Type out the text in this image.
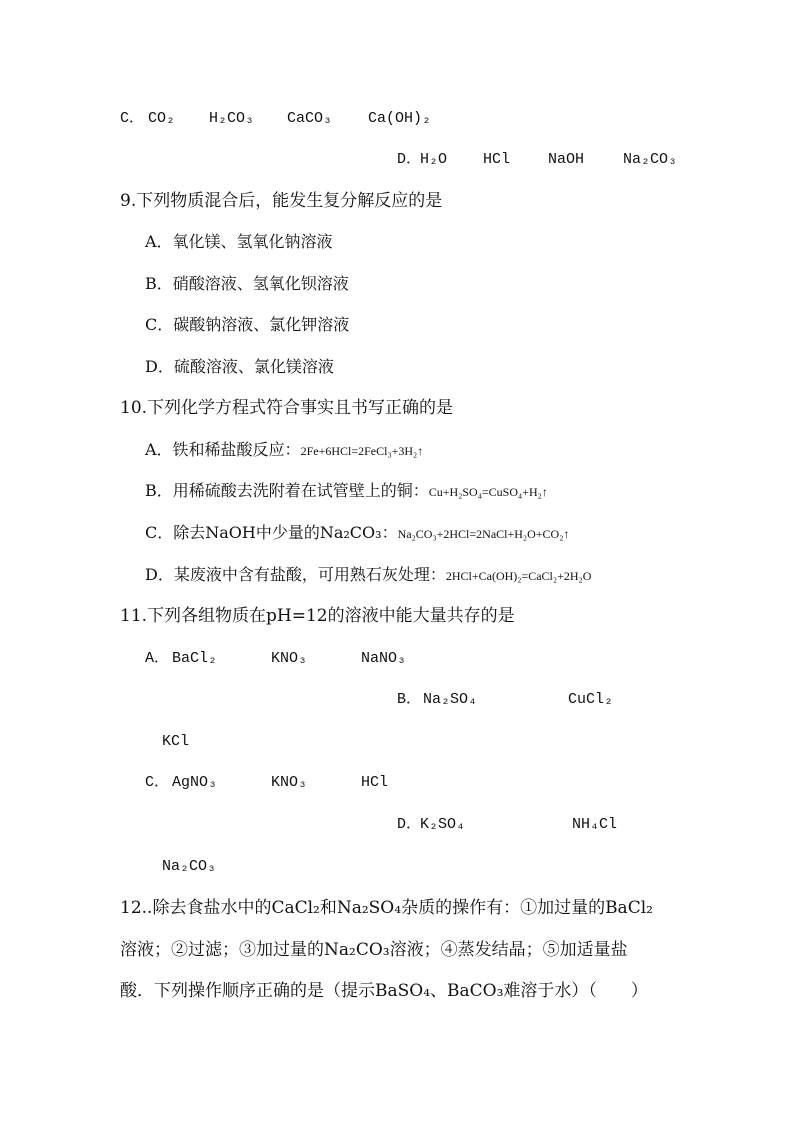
C． CO₂ H₂CO₃ CaCO₃ Ca(OH)₂
D．
H₂O HCl	NaOH	Na₂CO₃
9.下列物质混合后，能发生复分解反应的是
A．氧化镁、氢氧化钠溶液
B．硝酸溶液、氢氧化钡溶液
C．碳酸钠溶液、氯化钾溶液
D．硫酸溶液、氯化镁溶液
10.下列化学方程式符合事实且书写正确的是
A．铁和稀盐酸反应：2Fe+6HCl=2FeCl₃+3H₂↑
B．用稀硫酸去洗附着在试管壁上的铜：Cu+H₂SO₄=CuSO₄+H₂↑
C．除去NaOH中少量的Na₂CO₃：Na₂CO₃+2HCl=2NaCl+H₂O+CO₂↑
D．某废液中含有盐酸，可用熟石灰处理：2HCl+Ca(OH)₂=CaCl₂+2H₂O
11.下列各组物质在pH=12的溶液中能大量共存的是
A． BaCl₂	KNO₃	NaNO₃
B． Na₂SO₄	CuCl₂
KCl
C． AgNO₃	KNO₃	HCl
D．
K₂SO₄	NH₄Cl
Na₂CO₃
12..除去食盐水中的CaCl₂和Na₂SO₄杂质的操作有：①加过量的BaCl₂
溶液；②过滤；③加过量的Na₂CO₃溶液；④蒸发结晶；⑤加适量盐
酸．下列操作顺序正确的是（提示BaSO₄、BaCO₃难溶于水）（　　）
